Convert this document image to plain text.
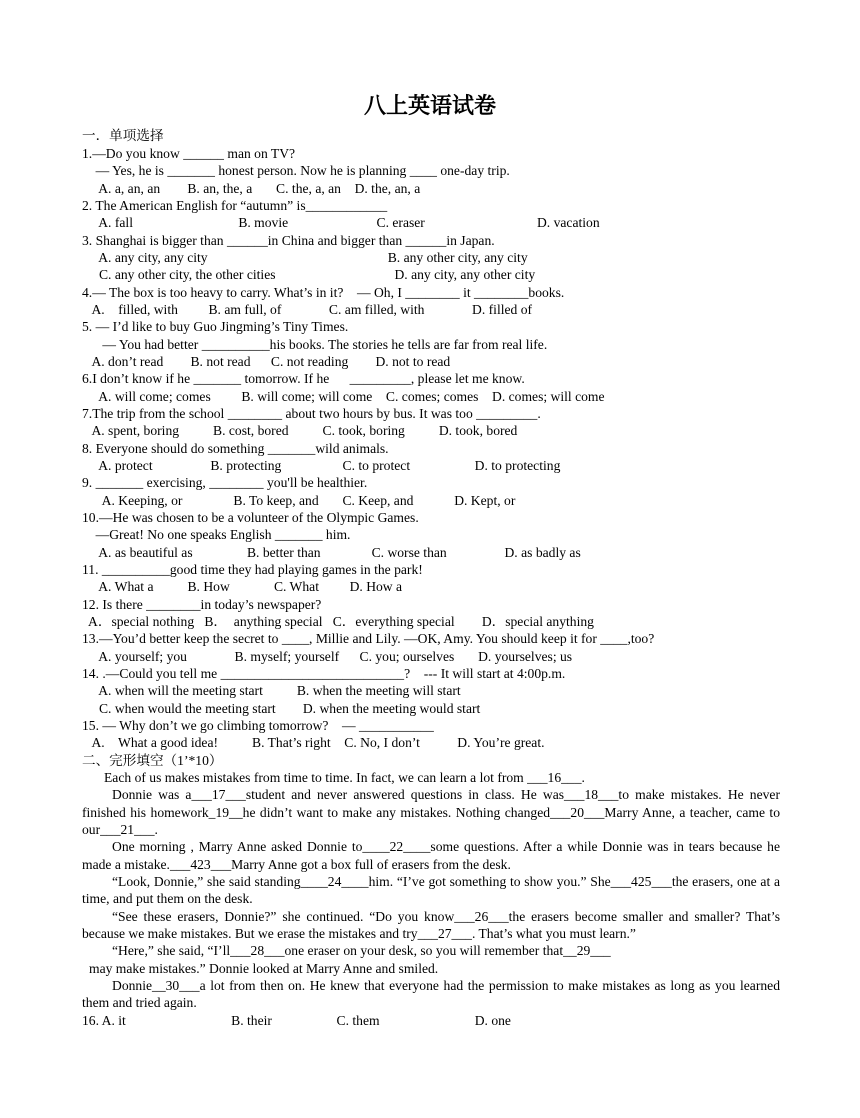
八上英语试卷
一．单项选择
1.—Do you know ______ man on TV?
— Yes, he is _______ honest person. Now he is planning ____ one-day trip.
A. a, an, an        B. an, the, a       C. the, a, an    D. the, an, a
2. The American English for “autumn” is____________
A. fall                               B. movie                          C. eraser                                 D. vacation
3. Shanghai is bigger than ______in China and bigger than ______in Japan.
A. any city, any city                                                     B. any other city, any city
C. any other city, the other cities                                   D. any city, any other city
4.— The box is too heavy to carry. What’s in it?    — Oh, I ________ it ________books.
A.    filled, with         B. am full, of              C. am filled, with              D. filled of
5. — I’d like to buy Guo Jingming’s Tiny Times.
— You had better __________his books. The stories he tells are far from real life.
A. don’t read        B. not read      C. not reading        D. not to read
6.I don’t know if he _______ tomorrow. If he      _________, please let me know.
A. will come; comes         B. will come; will come    C. comes; comes    D. comes; will come
7.The trip from the school ________ about two hours by bus. It was too _________.
A. spent, boring          B. cost, bored          C. took, boring          D. took, bored
8. Everyone should do something _______wild animals.
A. protect                 B. protecting                  C. to protect                   D. to protecting
9. _______ exercising, ________ you'll be healthier.
A. Keeping, or               B. To keep, and       C. Keep, and            D. Kept, or
10.—He was chosen to be a volunteer of the Olympic Games.
—Great! No one speaks English _______ him.
A. as beautiful as                B. better than               C. worse than                 D. as badly as
11. __________good time they had playing games in the park!
A. What a          B. How             C. What         D. How a
12. Is there ________in today’s newspaper?
A．special nothing   B．  anything special   C．everything special        D．special anything
13.—You’d better keep the secret to ____, Millie and Lily. —OK, Amy. You should keep it for ____,too?
A. yourself; you              B. myself; yourself      C. you; ourselves       D. yourselves; us
14. .—Could you tell me ___________________________?    --- It will start at 4:00p.m.
A. when will the meeting start          B. when the meeting will start
C. when would the meeting start        D. when the meeting would start
15. — Why don’t we go climbing tomorrow?    — ___________
A.    What a good idea!          B. That’s right    C. No, I don’t           D. You’re great.
二、完形填空（1’*10）

Each of us makes mistakes from time to time. In fact, we can learn a lot from ___16___.

Donnie was a___17___student and never answered questions in class. He was___18___to make mistakes. He never finished his homework_19__he didn’t want to make any mistakes. Nothing changed___20___Marry Anne, a teacher, came to our___21___.

One morning , Marry Anne asked Donnie to____22____some questions. After a while Donnie was in tears because he made a mistake.___423___Marry Anne got a box full of erasers from the desk.

“Look, Donnie,” she said standing____24____him. “I’ve got something to show you.” She___425___the erasers, one at a time, and put them on the desk.

“See these erasers, Donnie?” she continued. “Do you know___26___the erasers become smaller and smaller? That’s because we make mistakes. But we erase the mistakes and try___27___. That’s what you must learn.”

“Here,” she said, “I’ll___28___one eraser on your desk, so you will remember that__29___

may make mistakes.” Donnie looked at Marry Anne and smiled.

Donnie__30___a lot from then on. He knew that everyone had the permission to make mistakes as long as you learned them and tried again.

16. A. it                               B. their                   C. them                            D. one
